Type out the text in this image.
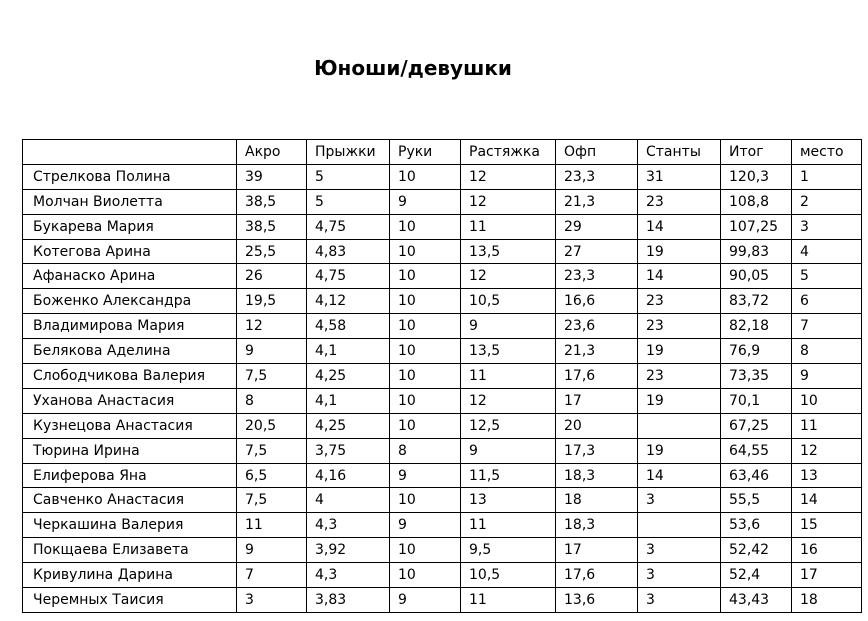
Юноши/девушки
	Акро	Прыжки	Руки	Растяжка	Офп	Станты	Итог	место
Стрелкова Полина	39	5	10	12	23,3	31	120,3	1
Молчан Виолетта	38,5	5	9	12	21,3	23	108,8	2
Букарева Мария	38,5	4,75	10	11	29	14	107,25	3
Котегова Арина	25,5	4,83	10	13,5	27	19	99,83	4
Афанаско Арина	26	4,75	10	12	23,3	14	90,05	5
Боженко Александра	19,5	4,12	10	10,5	16,6	23	83,72	6
Владимирова Мария	12	4,58	10	9	23,6	23	82,18	7
Белякова Аделина	9	4,1	10	13,5	21,3	19	76,9	8
Слободчикова Валерия	7,5	4,25	10	11	17,6	23	73,35	9
Уханова Анастасия	8	4,1	10	12	17	19	70,1	10
Кузнецова Анастасия	20,5	4,25	10	12,5	20		67,25	11
Тюрина Ирина	7,5	3,75	8	9	17,3	19	64,55	12
Елиферова Яна	6,5	4,16	9	11,5	18,3	14	63,46	13
Савченко Анастасия	7,5	4	10	13	18	3	55,5	14
Черкашина Валерия	11	4,3	9	11	18,3		53,6	15
Покщаева Елизавета	9	3,92	10	9,5	17	3	52,42	16
Кривулина Дарина	7	4,3	10	10,5	17,6	3	52,4	17
Черемных Таисия	3	3,83	9	11	13,6	3	43,43	18
